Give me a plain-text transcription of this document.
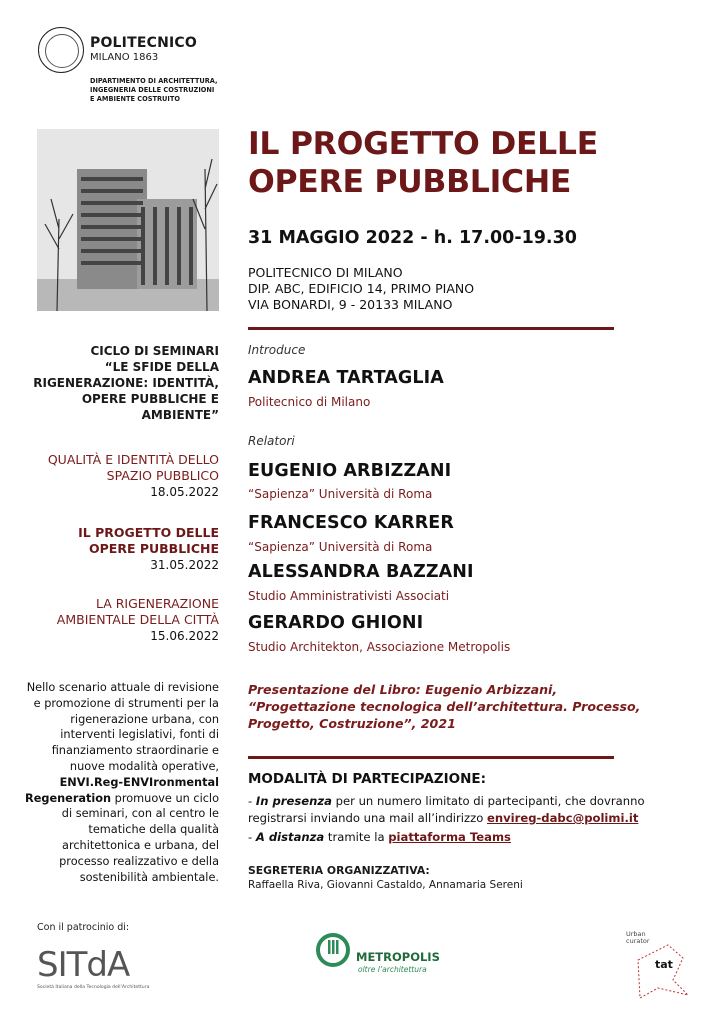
POLITECNICO
MILANO 1863
DIPARTIMENTO DI ARCHITETTURA,
INGEGNERIA DELLE COSTRUZIONI
E AMBIENTE COSTRUITO
IL PROGETTO DELLE
OPERE PUBBLICHE
31 MAGGIO 2022 - h. 17.00-19.30
POLITECNICO DI MILANO
DIP. ABC, EDIFICIO 14, PRIMO PIANO
VIA BONARDI, 9 - 20133 MILANO
CICLO DI SEMINARI
“LE SFIDE DELLA
RIGENERAZIONE: IDENTITÀ,
OPERE PUBBLICHE E
AMBIENTE”
QUALITÀ E IDENTITÀ DELLO
SPAZIO PUBBLICO
18.05.2022
IL PROGETTO DELLE
OPERE PUBBLICHE
31.05.2022
LA RIGENERAZIONE
AMBIENTALE DELLA CITTÀ
15.06.2022
Nello scenario attuale di revisione e promozione di strumenti per la rigenerazione urbana, con interventi legislativi, fonti di finanziamento straordinarie e nuove modalità operative, ENVI.Reg-ENVIronmental Regeneration promuove un ciclo di seminari, con al centro le tematiche della qualità architettonica e urbana, del processo realizzativo e della sostenibilità ambientale.
Introduce
ANDREA TARTAGLIA
Politecnico di Milano
Relatori
EUGENIO ARBIZZANI
“Sapienza” Università di Roma
FRANCESCO KARRER
“Sapienza” Università di Roma
ALESSANDRA BAZZANI
Studio Amministrativisti Associati
GERARDO GHIONI
Studio Architekton, Associazione Metropolis
Presentazione del Libro: Eugenio Arbizzani, “Progettazione tecnologica dell’architettura. Processo, Progetto, Costruzione”, 2021
MODALITÀ DI PARTECIPAZIONE:
- In presenza per un numero limitato di partecipanti, che dovranno
registrarsi inviando una mail all’indirizzo envireg-dabc@polimi.it
- A distanza tramite la piattaforma Teams
SEGRETERIA ORGANIZZATIVA:
Raffaella Riva, Giovanni Castaldo, Annamaria Sereni
Con il patrocinio di:
SITdA
Società Italiana della Tecnologia dell’Architettura
METROPOLIS
oltre l’architettura
Urban
curator
tat
